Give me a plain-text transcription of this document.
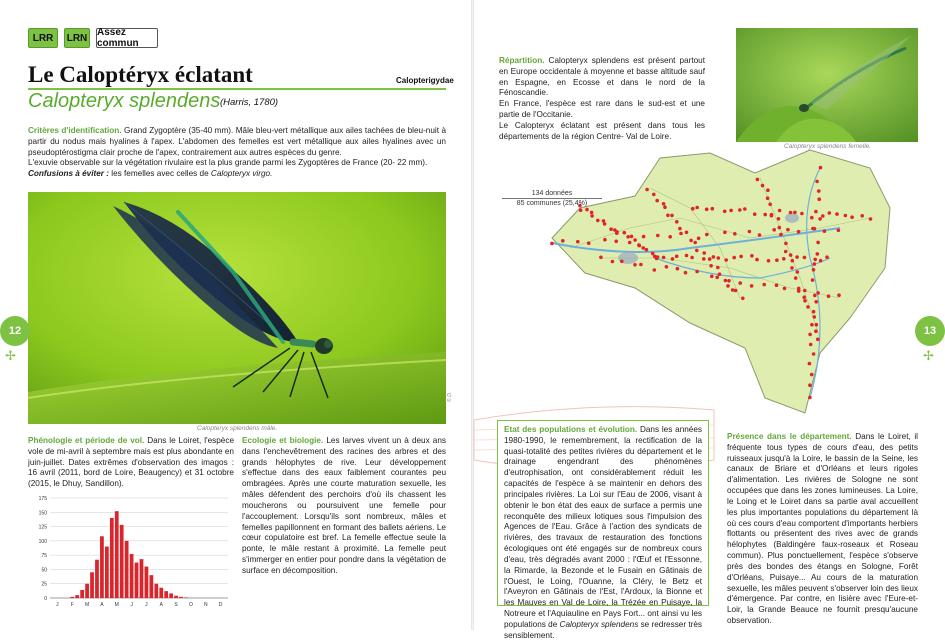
LRR	LRN Assez commun
Le Caloptéryx éclatant	Calopterigydae
Calopteryx splendens (Harris, 1780)
Critères d'identification. Grand Zygoptère (35-40 mm). Mâle bleu-vert métallique aux ailes tachées de bleu-nuit à partir du nodus mais hyalines à l'apex. L'abdomen des femelles est vert métallique aux ailes hyalines avec un pseudoptérostigma clair proche de l'apex, contrairement aux autres espèces du genre.
L'exuvie observable sur la végétation rivulaire est la plus grande parmi les Zygoptères de France (20- 22 mm).
Confusions à éviter : les femelles avec celles de Calopteryx virgo.
Calopteryx splendens mâle.
© D.
12
✢
Phénologie et période de vol. Dans le Loiret, l'espèce vole de mi-avril à septembre mais est plus abondante en juin-juillet. Dates extrêmes d'observation des imagos : 16 avril (2011, bord de Loire, Beaugency) et 31 octobre (2015, le Dhuy, Sandillon).
175
150
125
100
75
50
25
0
J F M A M J J A S O N D
Ecologie et biologie. Les larves vivent un à deux ans dans l'enchevêtrement des racines des arbres et des grands hélophytes de rive. Leur développement s'effectue dans des eaux faiblement courantes peu ombragées. Après une courte maturation sexuelle, les mâles défendent des perchoirs d'où ils chassent les moucherons ou poursuivent une femelle pour l'accouplement. Lorsqu'ils sont nombreux, mâles et femelles papillonnent en formant des ballets aériens. Le cœur copulatoire est bref. La femelle effectue seule la ponte, le mâle restant à proximité. La femelle peut s'immerger en entier pour pondre dans la végétation de surface en décomposition.
Répartition. Calopteryx splendens est présent partout en Europe occidentale à moyenne et basse altitude sauf en Espagne, en Ecosse et dans le nord de la Fénoscandie.
En France, l'espèce est rare dans le sud-est et une partie de l'Occitanie.
Le Calopteryx éclatant est présent dans tous les départements de la région Centre- Val de Loire.
Calopteryx splendens femelle.
134 données
85 communes (25,4%)
Etat des populations et évolution. Dans les années 1980-1990, le remembrement, la rectification de la quasi-totalité des petites rivières du département et le drainage engendrant des phénomènes d'eutrophisation, ont considérablement réduit les capacités de l'espèce à se maintenir en dehors des principales rivières. La Loi sur l'Eau de 2006, visant à obtenir le bon état des eaux de surface a permis une reconquête des milieux lotiques sous l'impulsion des Agences de l'Eau. Grâce à l'action des syndicats de rivières, des travaux de restauration des fonctions écologiques ont été engagés sur de nombreux cours d'eau, très dégradés avant 2000 : l'Œuf et l'Essonne, la Rimarde, la Bezonde et le Fusain en Gâtinais de l'Ouest, le Loing, l'Ouanne, la Cléry, le Betz et l'Aveyron en Gâtinais de l'Est, l'Ardoux, la Bionne et les Mauves en Val de Loire, la Trézée en Puisaye, la Notreure et l'Aquiauline en Pays Fort... ont ainsi vu les populations de Calopteryx splendens se redresser très sensiblement.
Présence dans le département. Dans le Loiret, il fréquente tous types de cours d'eau, des petits ruisseaux jusqu'à la Loire, le bassin de la Seine, les canaux de Briare et d'Orléans et leurs rigoles d'alimentation. Les rivières de Sologne ne sont occupées que dans les zones lumineuses. La Loire, le Loing et le Loiret dans sa partie aval accueillent les plus importantes populations du département là où ces cours d'eau comportent d'importants herbiers flottants ou présentent des rives avec de grands hélophytes (Baldingère faux-roseaux et Roseau commun). Plus ponctuellement, l'espèce s'observe près des bondes des étangs en Sologne, Forêt d'Orléans, Puisaye... Au cours de la maturation sexuelle, les mâles peuvent s'observer loin des lieux d'émergence. Par contre, en lisière avec l'Eure-et-Loir, la Grande Beauce ne fournit presqu'aucune observation.
13
✢
